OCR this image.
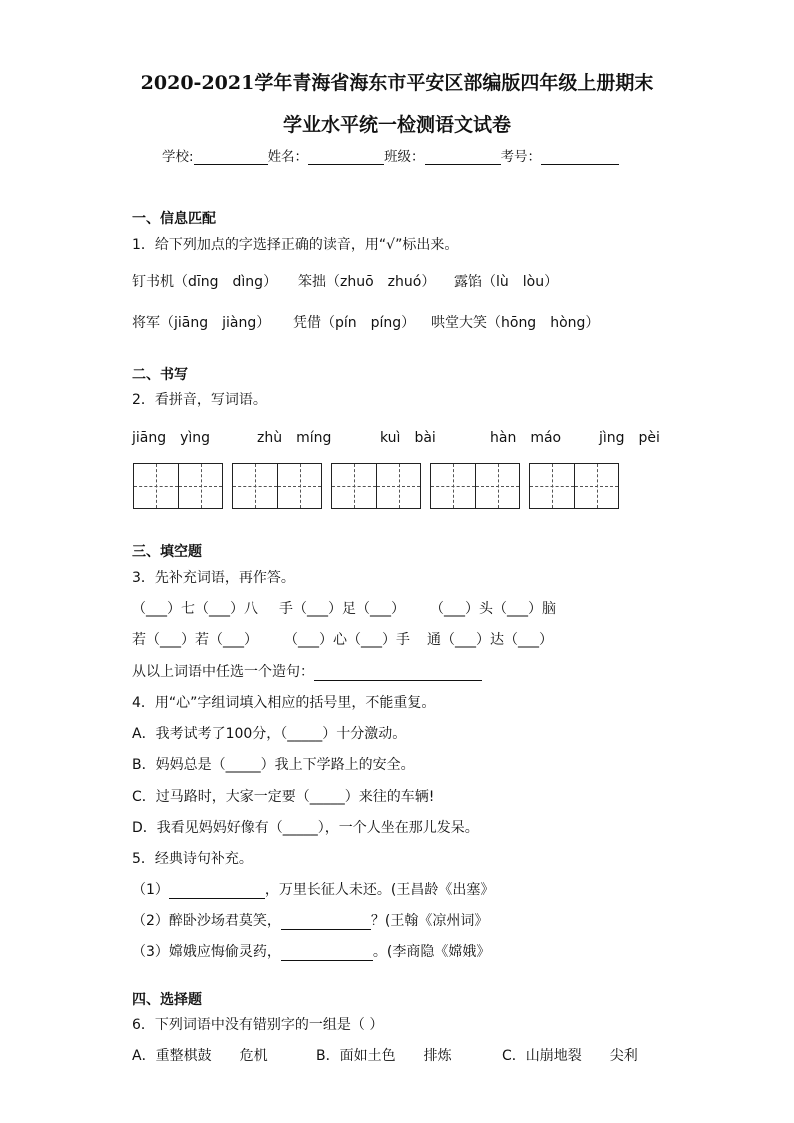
2020-2021学年青海省海东市平安区部编版四年级上册期末
学业水平统一检测语文试卷
学校:	姓名：	班级：	考号：
一、信息匹配
1．给下列加点的字选择正确的读音，用“√”标出来。
钉书机（dīng　dìng） 笨拙（zhuō　zhuó） 露馅（lù　lòu）
将军（jiāng　jiàng） 凭借（pín　píng） 哄堂大笑（hōng　hòng）
二、书写
2．看拼音，写词语。
jiāng　yìng	zhù　míng	kuì　bài	hàn　máo	jìng　pèi
三、填空题
3．先补充词语，再作答。
（___）七（___）八 手（___）足（___） （___）头（___）脑
若（___）若（___） （___）心（___）手 通（___）达（___）
从以上词语中任选一个造句：
4．用“心”字组词填入相应的括号里，不能重复。
A．我考试考了100分，（_____）十分激动。
B．妈妈总是（_____）我上下学路上的安全。
C．过马路时，大家一定要（_____）来往的车辆!
D．我看见妈妈好像有（_____），一个人坐在那儿发呆。
5．经典诗句补充。
（1）	，万里长征人未还。(王昌龄《出塞》
（2）醉卧沙场君莫笑，	？(王翰《凉州词》
（3）嫦娥应悔偷灵药，	。(李商隐《嫦娥》
四、选择题
6．下列词语中没有错别字的一组是（ ）
A．重整棋鼓　　危机	B．面如土色　　排炼	C．山崩地裂　　尖利
